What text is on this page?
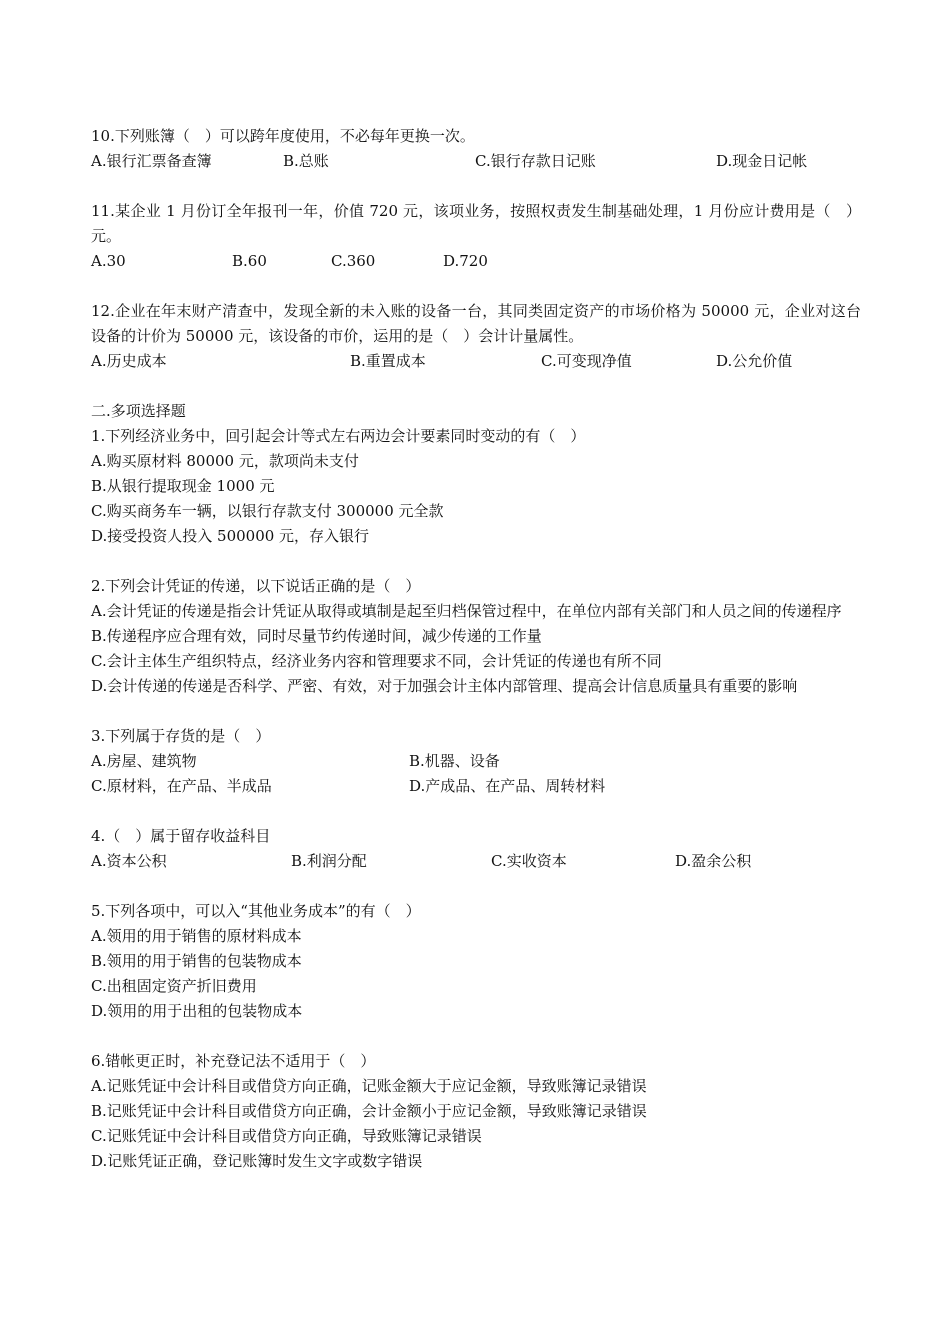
10.下列账簿（　）可以跨年度使用，不必每年更换一次。
A.银行汇票备查簿	B.总账	C.银行存款日记账	D.现金日记帐
11.某企业 1 月份订全年报刊一年，价值 720 元，该项业务，按照权责发生制基础处理，1 月份应计费用是（　）元。
A.30	B.60	C.360	D.720
12.企业在年末财产清查中，发现全新的未入账的设备一台，其同类固定资产的市场价格为 50000 元，企业对这台设备的计价为 50000 元，该设备的市价，运用的是（　）会计计量属性。
A.历史成本	B.重置成本	C.可变现净值	D.公允价值
二.多项选择题
1.下列经济业务中，回引起会计等式左右两边会计要素同时变动的有（　）
A.购买原材料 80000 元，款项尚未支付
B.从银行提取现金 1000 元
C.购买商务车一辆，以银行存款支付 300000 元全款
D.接受投资人投入 500000 元，存入银行
2.下列会计凭证的传递，以下说话正确的是（　）
A.会计凭证的传递是指会计凭证从取得或填制是起至归档保管过程中，在单位内部有关部门和人员之间的传递程序
B.传递程序应合理有效，同时尽量节约传递时间，减少传递的工作量
C.会计主体生产组织特点，经济业务内容和管理要求不同，会计凭证的传递也有所不同
D.会计传递的传递是否科学、严密、有效，对于加强会计主体内部管理、提高会计信息质量具有重要的影响
3.下列属于存货的是（　）
A.房屋、建筑物	B.机器、设备
C.原材料，在产品、半成品	D.产成品、在产品、周转材料
4.（　）属于留存收益科目
A.资本公积	B.利润分配	C.实收资本	D.盈余公积
5.下列各项中，可以入“其他业务成本”的有（　）
A.领用的用于销售的原材料成本
B.领用的用于销售的包装物成本
C.出租固定资产折旧费用
D.领用的用于出租的包装物成本
6.错帐更正时，补充登记法不适用于（　）
A.记账凭证中会计科目或借贷方向正确，记账金额大于应记金额，导致账簿记录错误
B.记账凭证中会计科目或借贷方向正确，会计金额小于应记金额，导致账簿记录错误
C.记账凭证中会计科目或借贷方向正确，导致账簿记录错误
D.记账凭证正确，登记账簿时发生文字或数字错误
